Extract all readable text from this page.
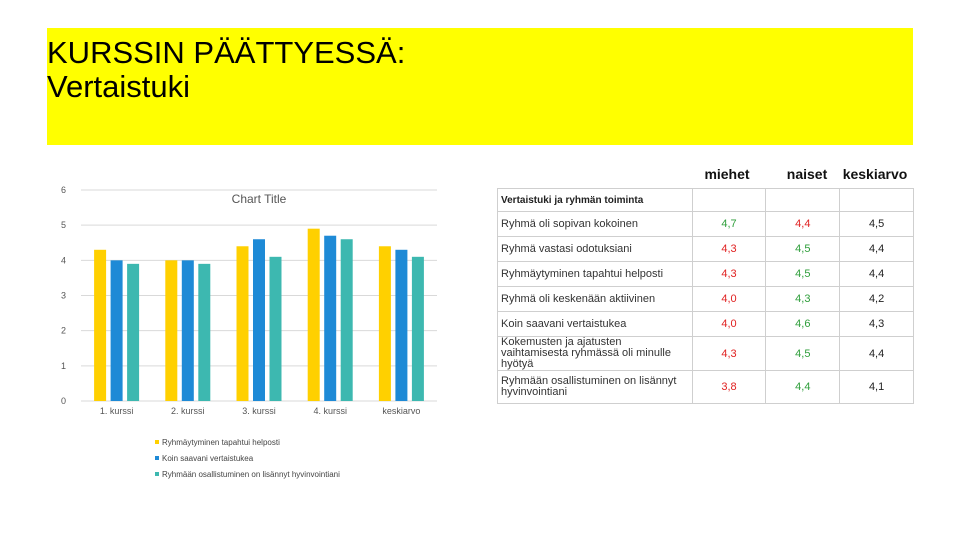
KURSSIN PÄÄTTYESSÄ:
Vertaistuki
0
1
2
3
4
5
6
Chart Title
1. kurssi	2. kurssi	3. kurssi	4. kurssi	keskiarvo
Ryhmäytyminen tapahtui helposti
Koin saavani vertaistukea
Ryhmään osallistuminen on lisännyt hyvinvointiani
miehet	naiset	keskiarvo
Vertaistuki ja ryhmän toiminta			
Ryhmä oli sopivan kokoinen	4,7	4,4	4,5
Ryhmä vastasi odotuksiani	4,3	4,5	4,4
Ryhmäytyminen tapahtui helposti	4,3	4,5	4,4
Ryhmä oli keskenään aktiivinen	4,0	4,3	4,2
Koin saavani vertaistukea	4,0	4,6	4,3
Kokemusten ja ajatusten vaihtamisesta ryhmässä oli minulle hyötyä	4,3	4,5	4,4
Ryhmään osallistuminen on lisännyt hyvinvointiani	3,8	4,4	4,1
